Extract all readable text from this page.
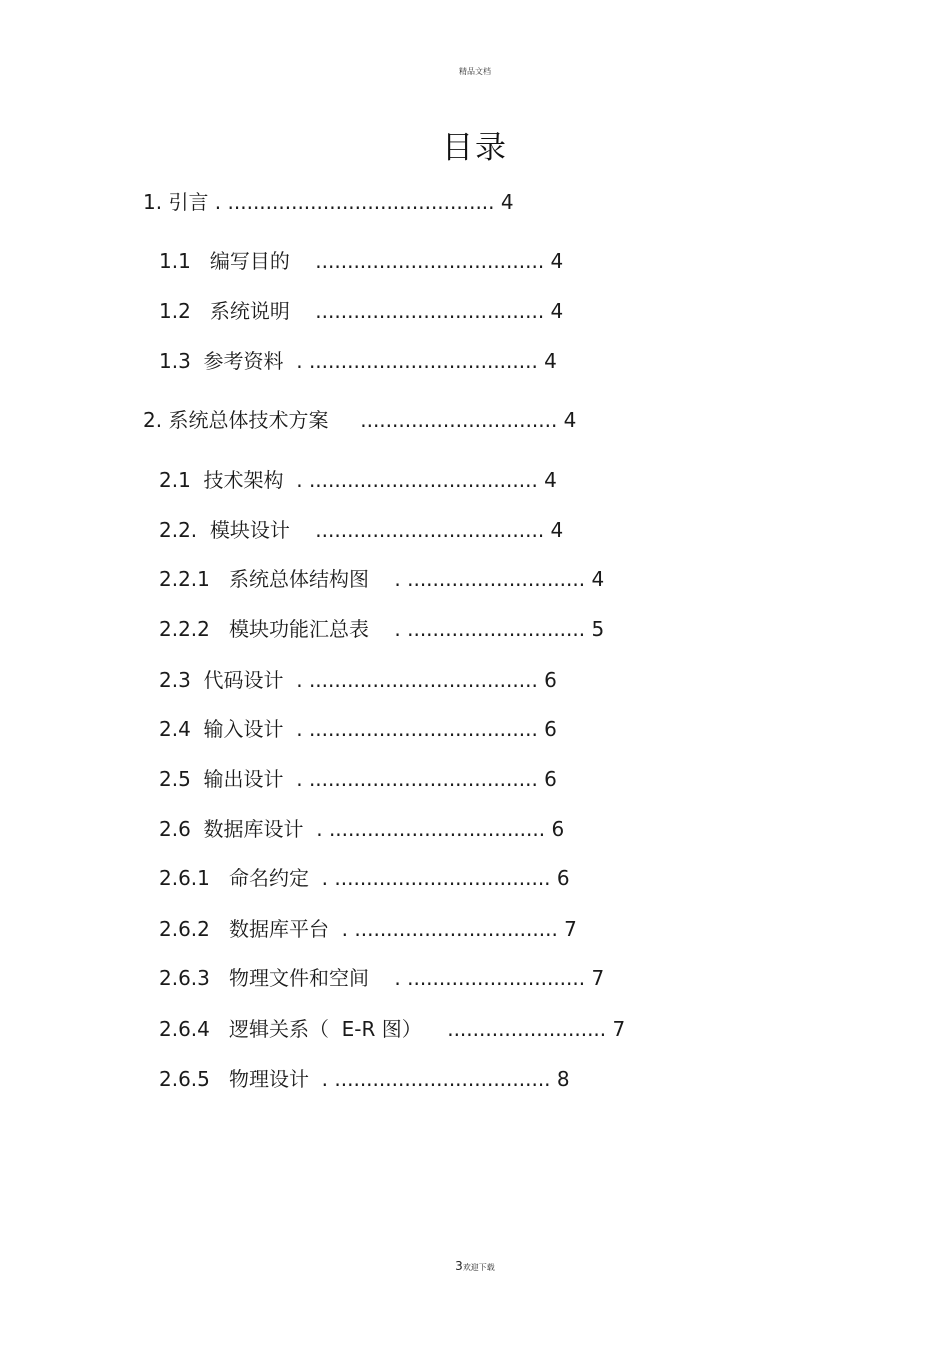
精品文档
目录
1. 引言 . .......................................... 4
1.1   编写目的    .................................... 4
1.2   系统说明    .................................... 4
1.3  参考资料  . .................................... 4
2. 系统总体技术方案     ............................... 4
2.1  技术架构  . .................................... 4
2.2.  模块设计    .................................... 4
2.2.1   系统总体结构图    . ............................ 4
2.2.2   模块功能汇总表    . ............................ 5
2.3  代码设计  . .................................... 6
2.4  输入设计  . .................................... 6
2.5  输出设计  . .................................... 6
2.6  数据库设计  . .................................. 6
2.6.1   命名约定  . .................................. 6
2.6.2   数据库平台  . ................................ 7
2.6.3   物理文件和空间    . ............................ 7
2.6.4   逻辑关系（  E-R 图）    ......................... 7
2.6.5   物理设计  . .................................. 8
3欢迎下载
